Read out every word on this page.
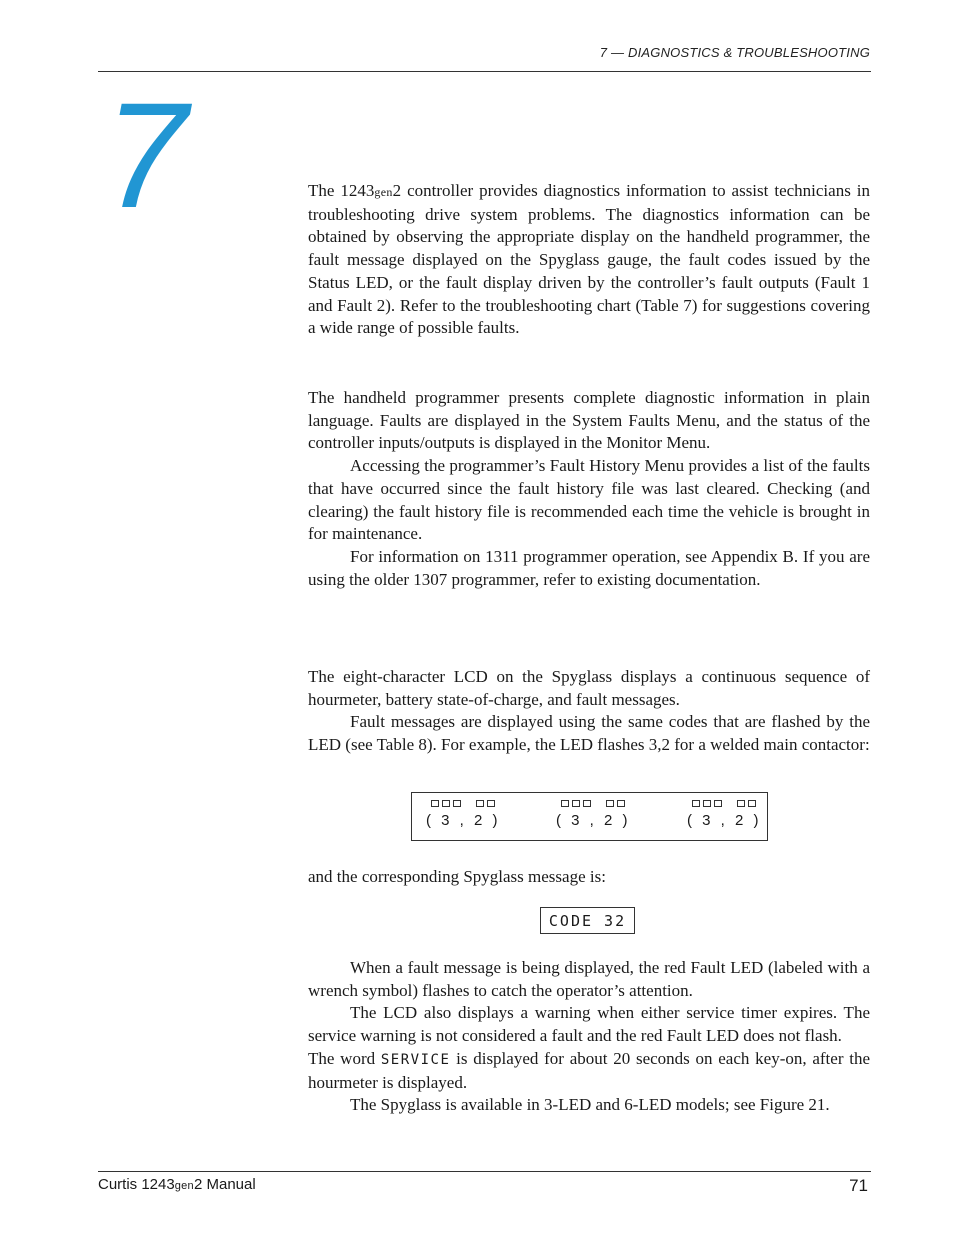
7 — DIAGNOSTICS & TROUBLESHOOTING
7	The 1243gen2 controller provides diagnostics information to assist technicians in troubleshooting drive system problems. The diagnostics information can be obtained by observing the appropriate display on the handheld programmer, the fault message displayed on the Spyglass gauge, the fault codes issued by the Status LED, or the fault display driven by the controller’s fault outputs (Fault 1 and Fault 2). Refer to the troubleshooting chart (Table 7) for suggestions covering a wide range of possible faults.

The handheld programmer presents complete diagnostic information in plain language. Faults are displayed in the System Faults Menu, and the status of the controller inputs/outputs is displayed in the Monitor Menu.

Accessing the programmer’s Fault History Menu provides a list of the faults that have occurred since the fault history file was last cleared. Checking (and clearing) the fault history file is recommended each time the vehicle is brought in for maintenance.

For information on 1311 programmer operation, see Appendix B. If you are using the older 1307 programmer, refer to existing documentation.

The eight-character LCD on the Spyglass displays a continuous sequence of hourmeter, battery state-of-charge, and fault messages.

Fault messages are displayed using the same codes that are flashed by the LED (see Table 8). For example, the LED flashes 3,2 for a welded main contactor:

( 3 , 2 )	( 3 , 2 )	( 3 , 2 )

and the corresponding Spyglass message is:

CODE 32

When a fault message is being displayed, the red Fault LED (labeled with a wrench symbol) flashes to catch the operator’s attention.

The LCD also displays a warning when either service timer expires. The service warning is not considered a fault and the red Fault LED does not flash.

The word SERVICE is displayed for about 20 seconds on each key-on, after the hourmeter is displayed.

The Spyglass is available in 3-LED and 6-LED models; see Figure 21.

Curtis 1243gen2 Manual	71
